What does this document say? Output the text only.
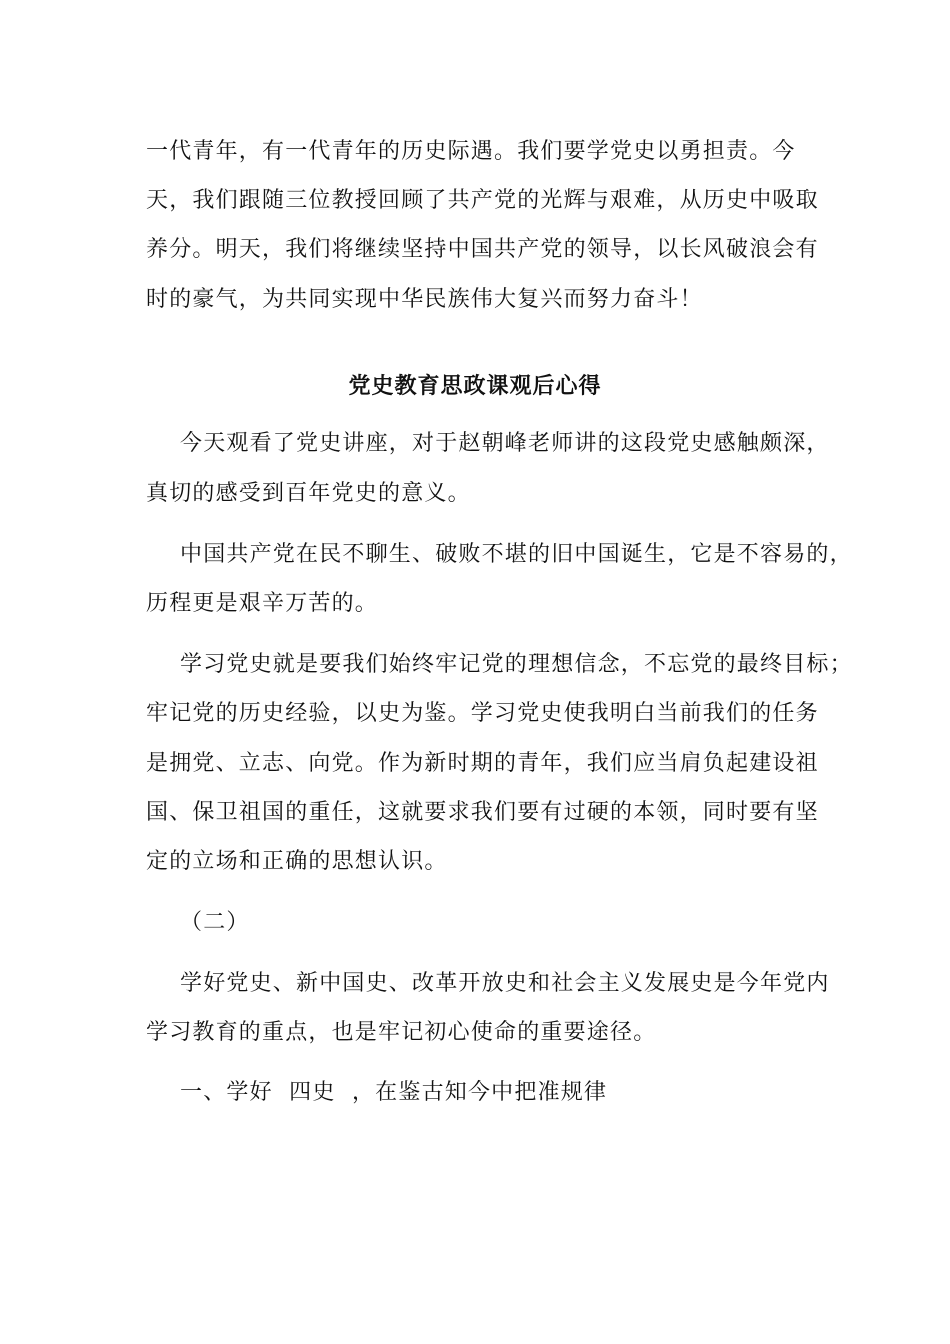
一代青年，有一代青年的历史际遇。我们要学党史以勇担责。今
天，我们跟随三位教授回顾了共产党的光辉与艰难，从历史中吸取
养分。明天，我们将继续坚持中国共产党的领导，以长风破浪会有
时的豪气，为共同实现中华民族伟大复兴而努力奋斗！
党史教育思政课观后心得
今天观看了党史讲座，对于赵朝峰老师讲的这段党史感触颇深，
真切的感受到百年党史的意义。
中国共产党在民不聊生、破败不堪的旧中国诞生，它是不容易的，
历程更是艰辛万苦的。
学习党史就是要我们始终牢记党的理想信念，不忘党的最终目标；
牢记党的历史经验，以史为鉴。学习党史使我明白当前我们的任务
是拥党、立志、向党。作为新时期的青年，我们应当肩负起建设祖
国、保卫祖国的重任，这就要求我们要有过硬的本领，同时要有坚
定的立场和正确的思想认识。
（二）
学好党史、新中国史、改革开放史和社会主义发展史是今年党内
学习教育的重点，也是牢记初心使命的重要途径。
一、学好  四史  ，在鉴古知今中把准规律
